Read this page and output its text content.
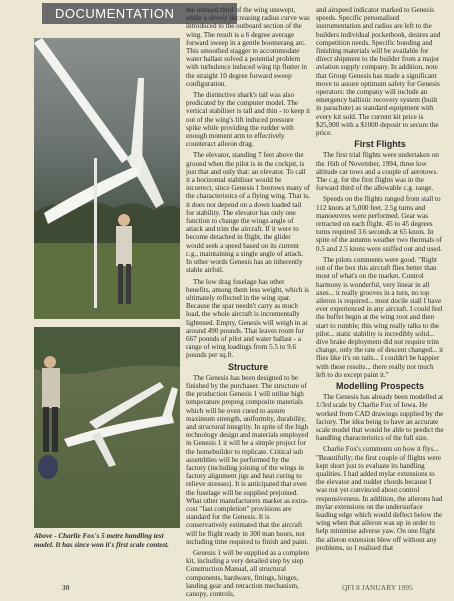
DOCUMENTATION
Above - Charlie Fox's 5 metre handling test model. It has since won it's first scale contest.

the inboard third of the wing unswept, while a slowly decreasing radius curve was introduced to the outboard section of the wing. The result is a 6 degree average forward sweep in a gentle boomerang arc. This smoothed stagger to accommodate water ballast solved a potential problem with turbulence induced wing tip flutter in the straight 10 degree forward sweep configuration.

The distinctive shark's tail was also predicated by the computer model. The vertical stabiliser is tall and thin - to keep it out of the wing's lift induced pressure spike while providing the rudder with enough moment arm to effectively counteract aileron drag.

The elevator, standing 7 feet above the ground when the pilot is in the cockpit, is just that and only that: an elevator. To call it a horizontal stabiliser would be incorrect, since Genesis 1 borrows many of the characteristics of a flying wing. That is, it does not depend on a down loaded tail for stability. The elevator has only one function to change the wings angle of attack and trim the aircraft. If it were to become detached in flight, the glider would seek a speed based on its current c.g., maintaining a single angle of attack. In other words Genesis has an inherently stable airfoil.

The low drag fuselage has other benefits, among them less weight, which is ultimately reflected in the wing spar. Because the spar needn't carry as much load, the whole aircraft is incrementally lightened. Empty, Genesis will weigh in at around 490 pounds. That leaves room for 667 pounds of pilot and water ballast - a range of wing loadings from 5.5 to 9.6 pounds per sq.ft.

Structure

The Genesis has been designed to be finished by the purchaser. The structure of the production Genesis 1 will utilise high temperature prepreg composite materials which will be oven cured to assure maximum strength, uniformity, durability, and structural integrity. In spite of the high technology design and materials employed in Genesis 1 it will be a simple project for the homebuilder to replicate. Critical sub assemblies will be performed by the factory (including joining of the wings in factory alignment jigs and heat curing to relieve stresses). It is anticipated that even the fuselage will be supplied prejoined. What other manufacturers market as extra-cost "fast completion" provisions are standard for the Genesis. It is conservatively estimated that the aircraft will be flight ready in 300 man hours, not including time required to finish and paint.

Genesis 1 will be supplied as a complete kit, including a very detailed step by step Construction Manual, all structural components, hardware, fittings, hinges, landing gear and retraction mechanism, canopy, controls,

and airspeed indicator marked to Genesis speeds. Specific personalised instrumentation and radios are left to the builders individual pocketbook, desires and competition needs. Specific bonding and finishing materials will be available for direct shipment to the builder from a major aviation supply company. In addition, note that Group Genesis has made a significant move to assure optimum safety for Genesis operators: the company will include an emergency ballistic recovery system (built in parachute) as standard equipment with every kit sold. The current kit price is $25,900 with a $1000 deposit to secure the price.

First Flights

The first trial flights were undertaken on the 16th of November, 1994, three low altitude car tows and a couple of aerotows. The c.g. for the first flights was in the forward third of the allowable c.g. range.

Speeds on the flights ranged from stall to 112 knots at 5,000 feet. 2.5g turns and manoeuvres were performed. Gear was retracted on each flight. 45 to 45 degrees turns required 3.6 seconds at 65 knots. In spite of the autumn weather two thermals of 0.5 and 2.5 knots were sniffed out and used.

The pilots comments were good. "Right out of the box this aircraft flies better than most of what's on the market. Control harmony is wonderful, very linear in all axes... it really grooves in a turn, no top aileron is required... most docile stall I have ever experienced in any aircraft. I could feel the buffet begin at the wing root and then start to rumble; this wing really talks to the pilot... static stability is incredibly solid... dive brake deployment did not require trim change, only the rate of descent changed... it flies like it's on rails... I couldn't be happier with these results... there really not much left to do except paint it."

Modelling Prospects

The Genesis has already been modelled at 1/3rd scale by Charlie Fox of Iowa. He worked from CAD drawings supplied by the factory. The idea being to have an accurate scale model that would be able to predict the handling characteristics of the full size.

Charlie Fox's comments on how it flys... "Beautifully; the first couple of flights were kept short just to evaluate its handling qualities. I had added mylar extensions to the elevator and rudder chords because I was not yet convinced about control responsiveness. In addition, the ailerons had mylar extensions on the undersurface leading edge which would deflect below the wing when that aileron was up in order to help minimise adverse yaw. On one flight the aileron extension blew off without any problems, so I realised that

30	QFI 8 JANUARY 1995
